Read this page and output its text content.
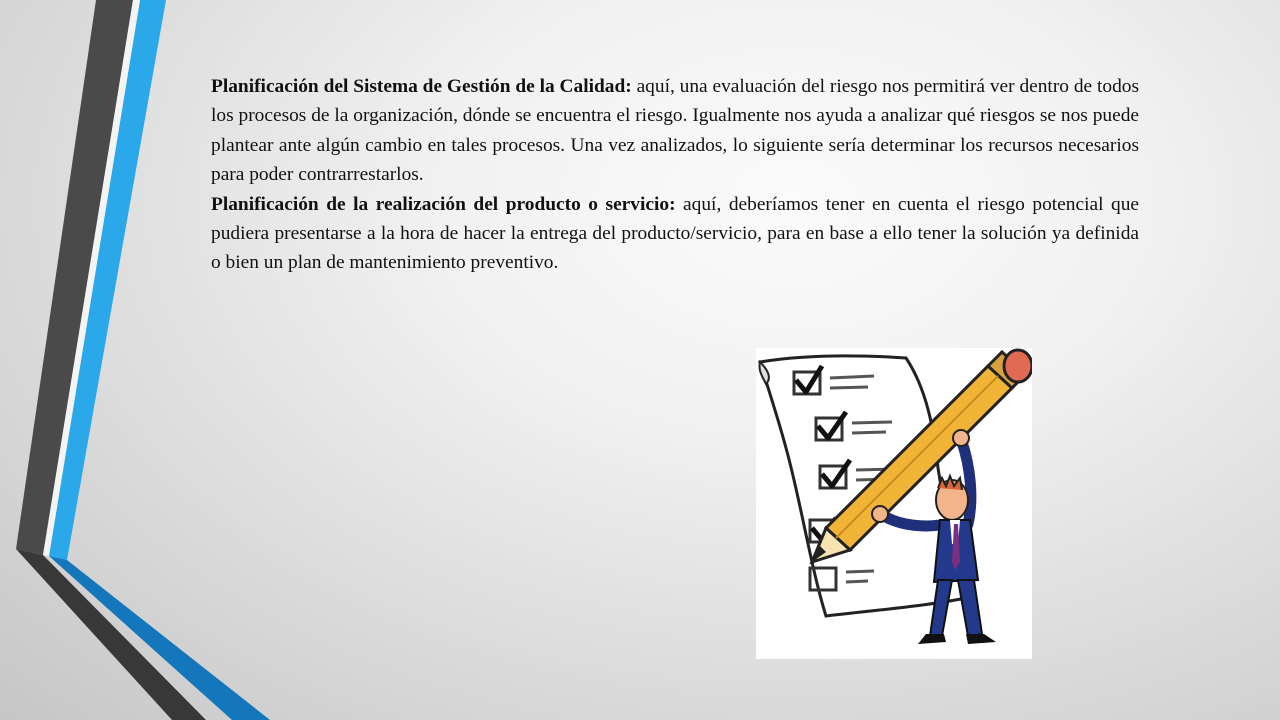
Planificación del Sistema de Gestión de la Calidad: aquí, una evaluación del riesgo nos permitirá ver dentro de todos los procesos de la organización, dónde se encuentra el riesgo. Igualmente nos ayuda a analizar qué riesgos se nos puede plantear ante algún cambio en tales procesos. Una vez analizados, lo siguiente sería determinar los recursos necesarios para poder contrarrestarlos.

Planificación de la realización del producto o servicio: aquí, deberíamos tener en cuenta el riesgo potencial que pudiera presentarse a la hora de hacer la entrega del producto/servicio, para en base a ello tener la solución ya definida o bien un plan de mantenimiento preventivo.
